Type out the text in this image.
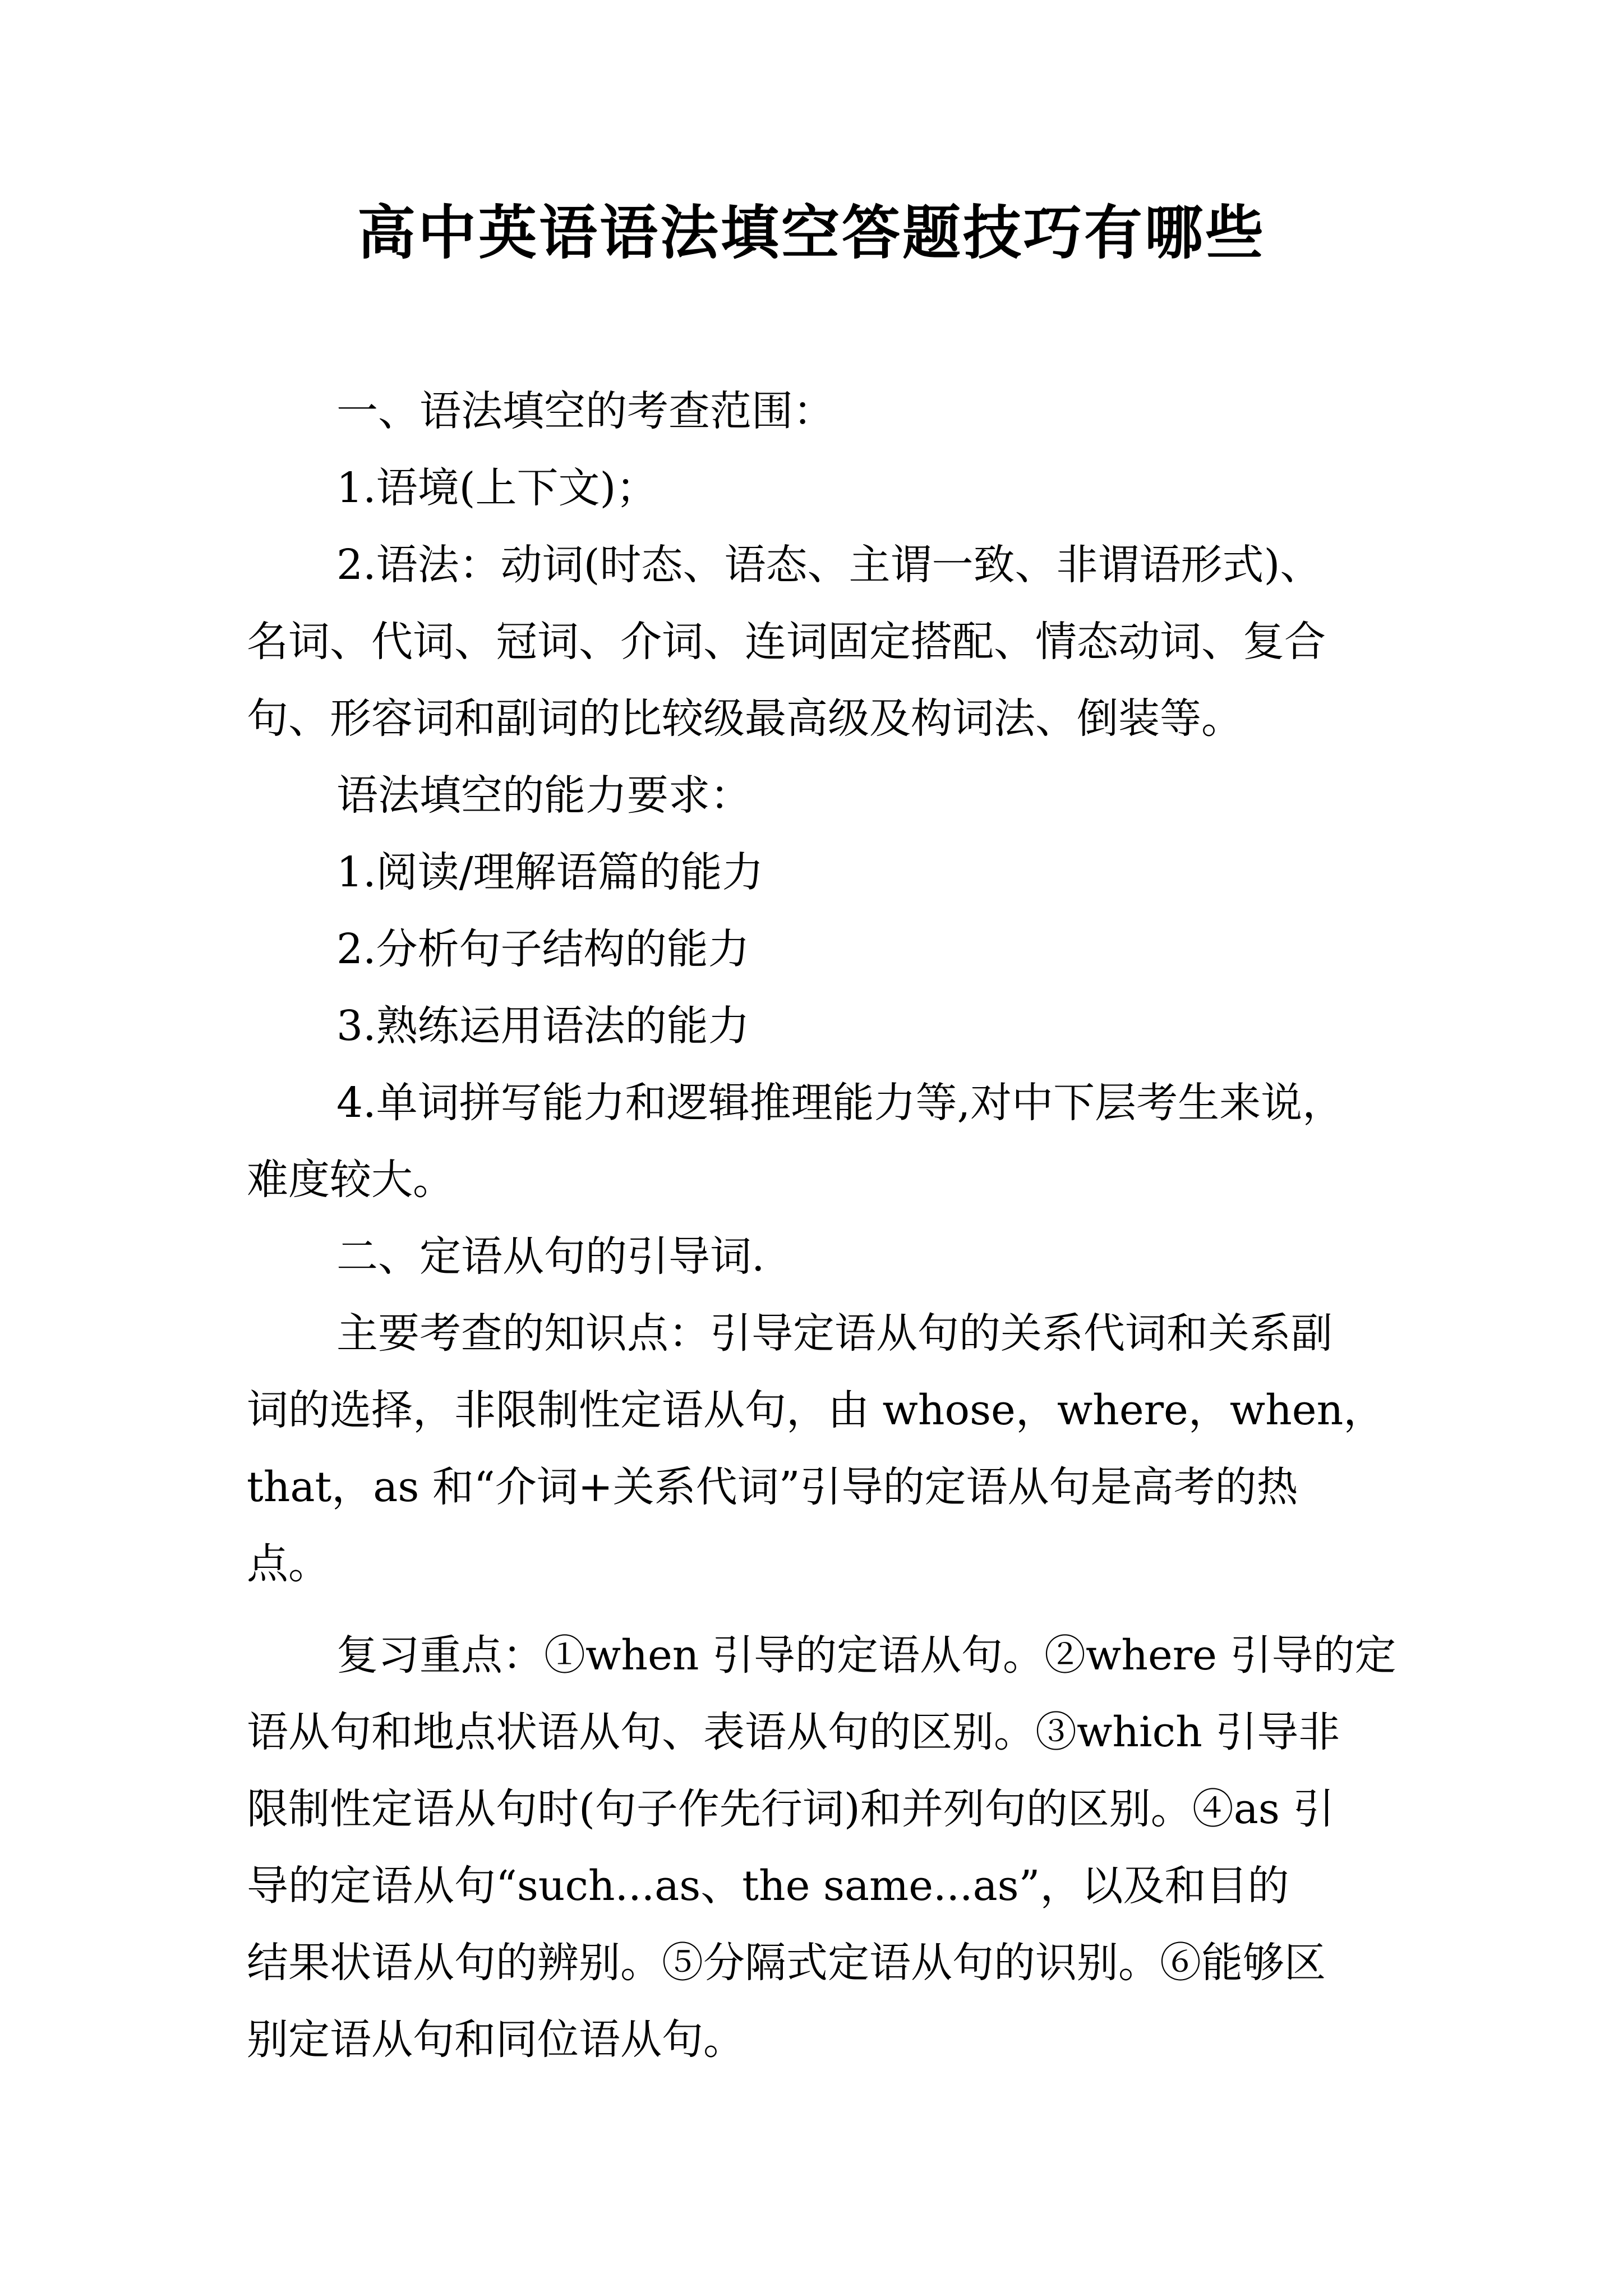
高中英语语法填空答题技巧有哪些
一、语法填空的考查范围：
1.语境(上下文)；
2.语法：动词(时态、语态、主谓一致、非谓语形式)、
名词、代词、冠词、介词、连词固定搭配、情态动词、复合
句、形容词和副词的比较级最高级及构词法、倒装等。
语法填空的能力要求：
1.阅读/理解语篇的能力
2.分析句子结构的能力
3.熟练运用语法的能力
4.单词拼写能力和逻辑推理能力等,对中下层考生来说，
难度较大。
二、定语从句的引导词.
主要考查的知识点：引导定语从句的关系代词和关系副
词的选择，非限制性定语从句，由 whose，where，when，
that，as 和“介词+关系代词”引导的定语从句是高考的热
点。
复习重点：①when 引导的定语从句。②where 引导的定
语从句和地点状语从句、表语从句的区别。③which 引导非
限制性定语从句时(句子作先行词)和并列句的区别。④as 引
导的定语从句“such...as、the same...as”，以及和目的
结果状语从句的辨别。⑤分隔式定语从句的识别。⑥能够区
别定语从句和同位语从句。
